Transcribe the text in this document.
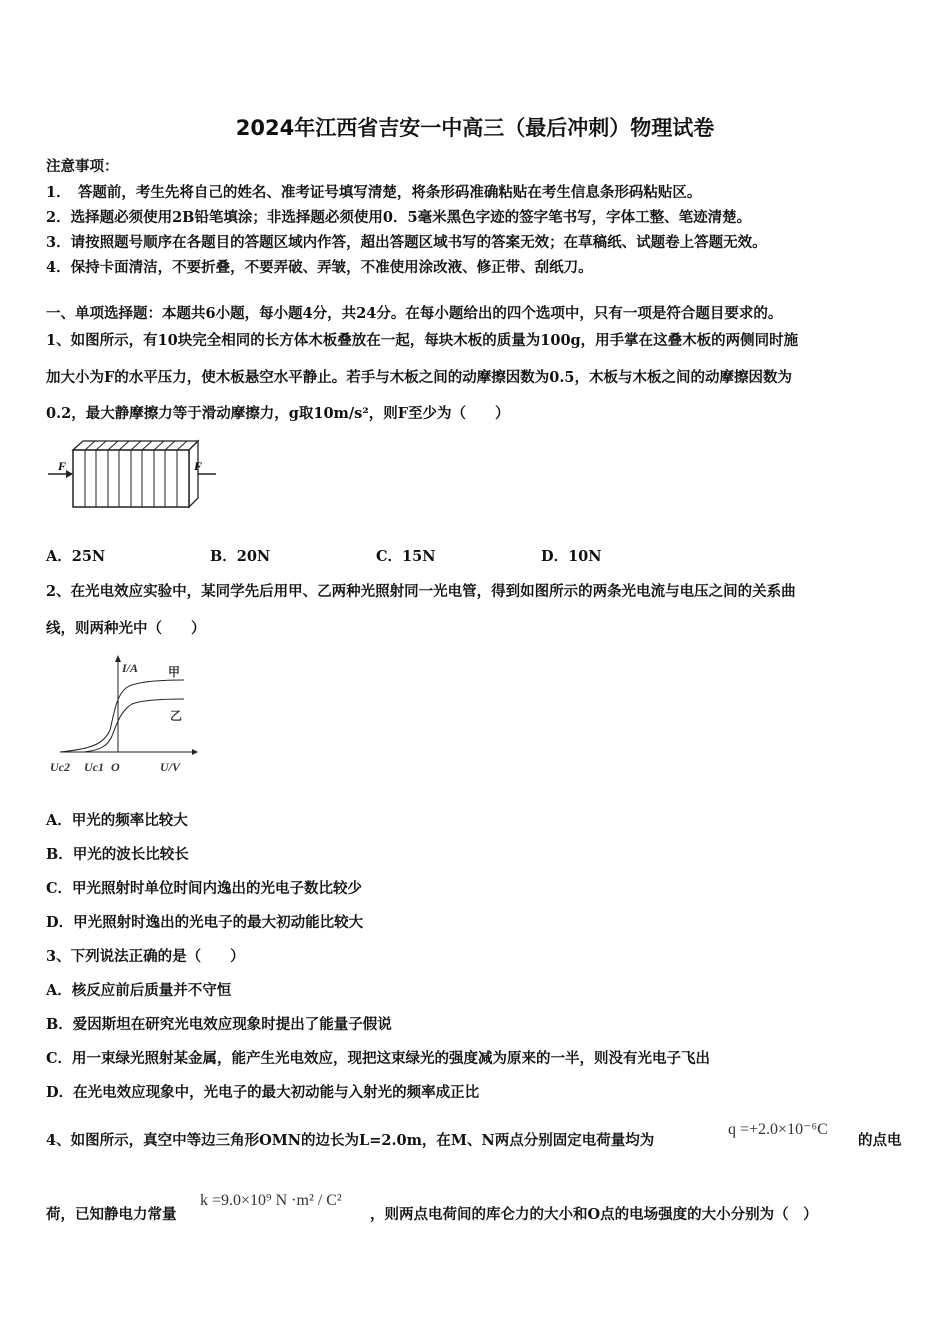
2024年江西省吉安一中高三（最后冲刺）物理试卷
注意事项：
1．　答题前，考生先将自己的姓名、准考证号填写清楚，将条形码准确粘贴在考生信息条形码粘贴区。
2．选择题必须使用2B铅笔填涂；非选择题必须使用0．5毫米黑色字迹的签字笔书写，字体工整、笔迹清楚。
3．请按照题号顺序在各题目的答题区域内作答，超出答题区域书写的答案无效；在草稿纸、试题卷上答题无效。
4．保持卡面清洁，不要折叠，不要弄破、弄皱，不准使用涂改液、修正带、刮纸刀。
一、单项选择题：本题共6小题，每小题4分，共24分。在每小题给出的四个选项中，只有一项是符合题目要求的。
1、如图所示，有10块完全相同的长方体木板叠放在一起，每块木板的质量为100g，用手掌在这叠木板的两侧同时施
加大小为F的水平压力，使木板悬空水平静止。若手与木板之间的动摩擦因数为0.5，木板与木板之间的动摩擦因数为
0.2，最大静摩擦力等于滑动摩擦力，g取10m/s²，则F至少为（　　）
F	F
A．25N	B．20N	C．15N	D．10N
2、在光电效应实验中，某同学先后用甲、乙两种光照射同一光电管，得到如图所示的两条光电流与电压之间的关系曲
线，则两种光中（　　）
I/A 甲
乙
Uc2 Uc1 O	U/V
A．甲光的频率比较大
B．甲光的波长比较长
C．甲光照射时单位时间内逸出的光电子数比较少
D．甲光照射时逸出的光电子的最大初动能比较大
3、下列说法正确的是（　　）
A．核反应前后质量并不守恒
B．爱因斯坦在研究光电效应现象时提出了能量子假说
C．用一束绿光照射某金属，能产生光电效应，现把这束绿光的强度减为原来的一半，则没有光电子飞出
D．在光电效应现象中，光电子的最大初动能与入射光的频率成正比
4、如图所示，真空中等边三角形OMN的边长为L=2.0m，在M、N两点分别固定电荷量均为
q =+2.0×10⁻⁶C
的点电
荷，已知静电力常量
k =9.0×10⁹ N ·m² / C²
，则两点电荷间的库仑力的大小和O点的电场强度的大小分别为（　）
